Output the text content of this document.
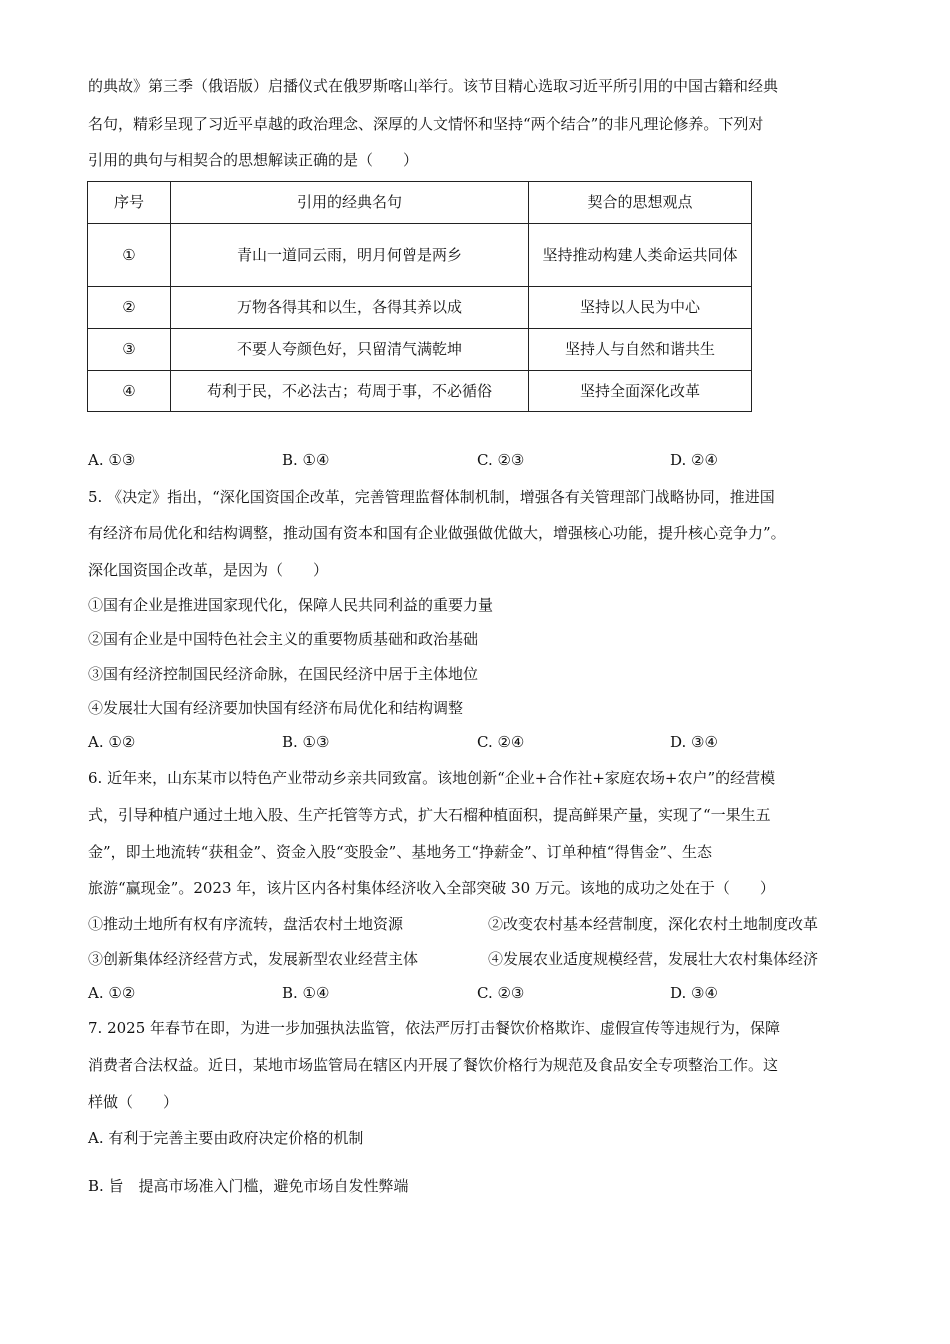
的典故》第三季（俄语版）启播仪式在俄罗斯喀山举行。该节目精心选取习近平所引用的中国古籍和经典
名句，精彩呈现了习近平卓越的政治理念、深厚的人文情怀和坚持“两个结合”的非凡理论修养。下列对
引用的典句与相契合的思想解读正确的是（　　）
序号	引用的经典名句	契合的思想观点
①	青山一道同云雨，明月何曾是两乡	坚持推动构建人类命运共同体
②	万物各得其和以生，各得其养以成	坚持以人民为中心
③	不要人夸颜色好，只留清气满乾坤	坚持人与自然和谐共生
④	苟利于民，不必法古；苟周于事，不必循俗	坚持全面深化改革
A. ①③	B. ①④	C. ②③	D. ②④
5. 《决定》指出，“深化国资国企改革，完善管理监督体制机制，增强各有关管理部门战略协同，推进国
有经济布局优化和结构调整，推动国有资本和国有企业做强做优做大，增强核心功能，提升核心竞争力”。
深化国资国企改革，是因为（　　）
①国有企业是推进国家现代化，保障人民共同利益的重要力量
②国有企业是中国特色社会主义的重要物质基础和政治基础
③国有经济控制国民经济命脉，在国民经济中居于主体地位
④发展壮大国有经济要加快国有经济布局优化和结构调整
A. ①②	B. ①③	C. ②④	D. ③④
6. 近年来，山东某市以特色产业带动乡亲共同致富。该地创新“企业+合作社+家庭农场+农户”的经营模
式，引导种植户通过土地入股、生产托管等方式，扩大石榴种植面积，提高鲜果产量，实现了“一果生五
金”，即土地流转“获租金”、资金入股“变股金”、基地务工“挣薪金”、订单种植“得售金”、生态
旅游“赢现金”。2023 年，该片区内各村集体经济收入全部突破 30 万元。该地的成功之处在于（　　）
①推动土地所有权有序流转，盘活农村土地资源	②改变农村基本经营制度，深化农村土地制度改革
③创新集体经济经营方式，发展新型农业经营主体	④发展农业适度规模经营，发展壮大农村集体经济
A. ①②	B. ①④	C. ②③	D. ③④
7. 2025 年春节在即，为进一步加强执法监管，依法严厉打击餐饮价格欺诈、虚假宣传等违规行为，保障
消费者合法权益。近日，某地市场监管局在辖区内开展了餐饮价格行为规范及食品安全专项整治工作。这
样做（　　）
A. 有利于完善主要由政府决定价格的机制
B. 旨　提高市场准入门槛，避免市场自发性弊端
